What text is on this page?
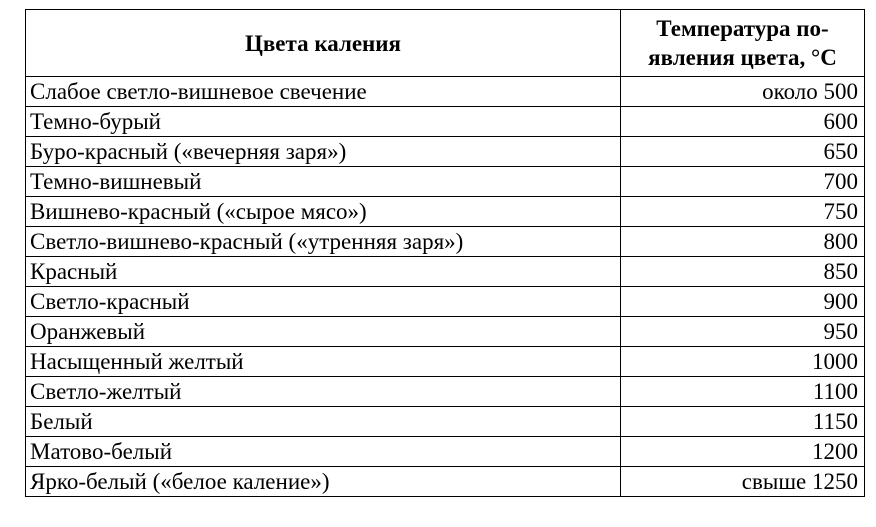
Цвета каления	Температура по-
явления цвета, °С

Слабое светло-вишневое свечение	около 500
Темно-бурый	600
Буро-красный («вечерняя заря»)	650
Темно-вишневый	700
Вишнево-красный («сырое мясо»)	750
Светло-вишнево-красный («утренняя заря»)	800
Красный	850
Светло-красный	900
Оранжевый	950
Насыщенный желтый	1000
Светло-желтый	1100
Белый	1150
Матово-белый	1200
Ярко-белый («белое каление»)	свыше 1250
